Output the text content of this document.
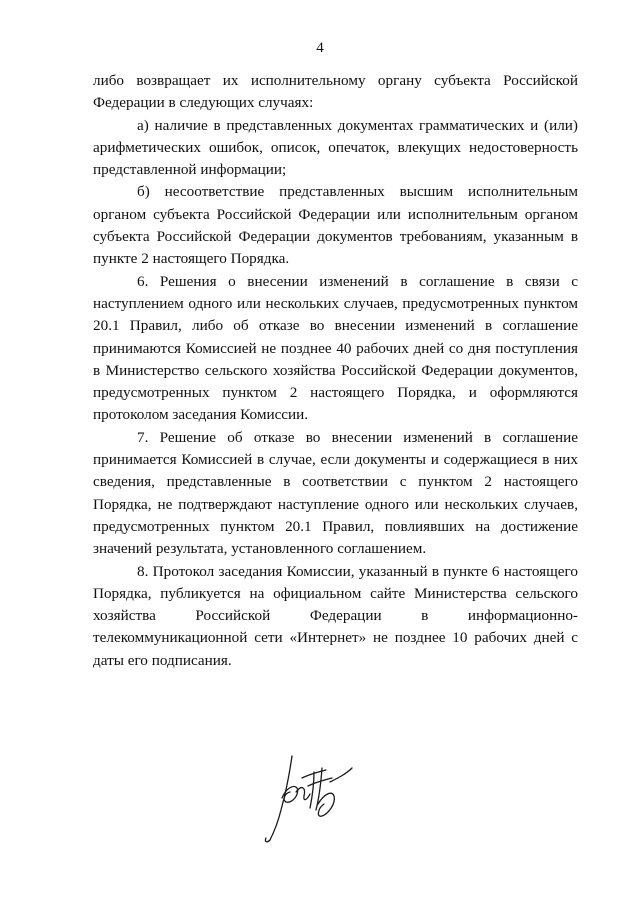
4

либо возвращает их исполнительному органу субъекта Российской Федерации в следующих случаях:

а) наличие в представленных документах грамматических и (или) арифметических ошибок, описок, опечаток, влекущих недостоверность представленной информации;

б) несоответствие представленных высшим исполнительным органом субъекта Российской Федерации или исполнительным органом субъекта Российской Федерации документов требованиям, указанным в пункте 2 настоящего Порядка.

6. Решения о внесении изменений в соглашение в связи с наступлением одного или нескольких случаев, предусмотренных пунктом 20.1 Правил, либо об отказе во внесении изменений в соглашение принимаются Комиссией не позднее 40 рабочих дней со дня поступления в Министерство сельского хозяйства Российской Федерации документов, предусмотренных пунктом 2 настоящего Порядка, и оформляются протоколом заседания Комиссии.

7. Решение об отказе во внесении изменений в соглашение принимается Комиссией в случае, если документы и содержащиеся в них сведения, представленные в соответствии с пунктом 2 настоящего Порядка, не подтверждают наступление одного или нескольких случаев, предусмотренных пунктом 20.1 Правил, повлиявших на достижение значений результата, установленного соглашением.

8. Протокол заседания Комиссии, указанный в пункте 6 настоящего Порядка, публикуется на официальном сайте Министерства сельского хозяйства Российской Федерации в информационно-телекоммуникационной сети «Интернет» не позднее 10 рабочих дней с даты его подписания.
